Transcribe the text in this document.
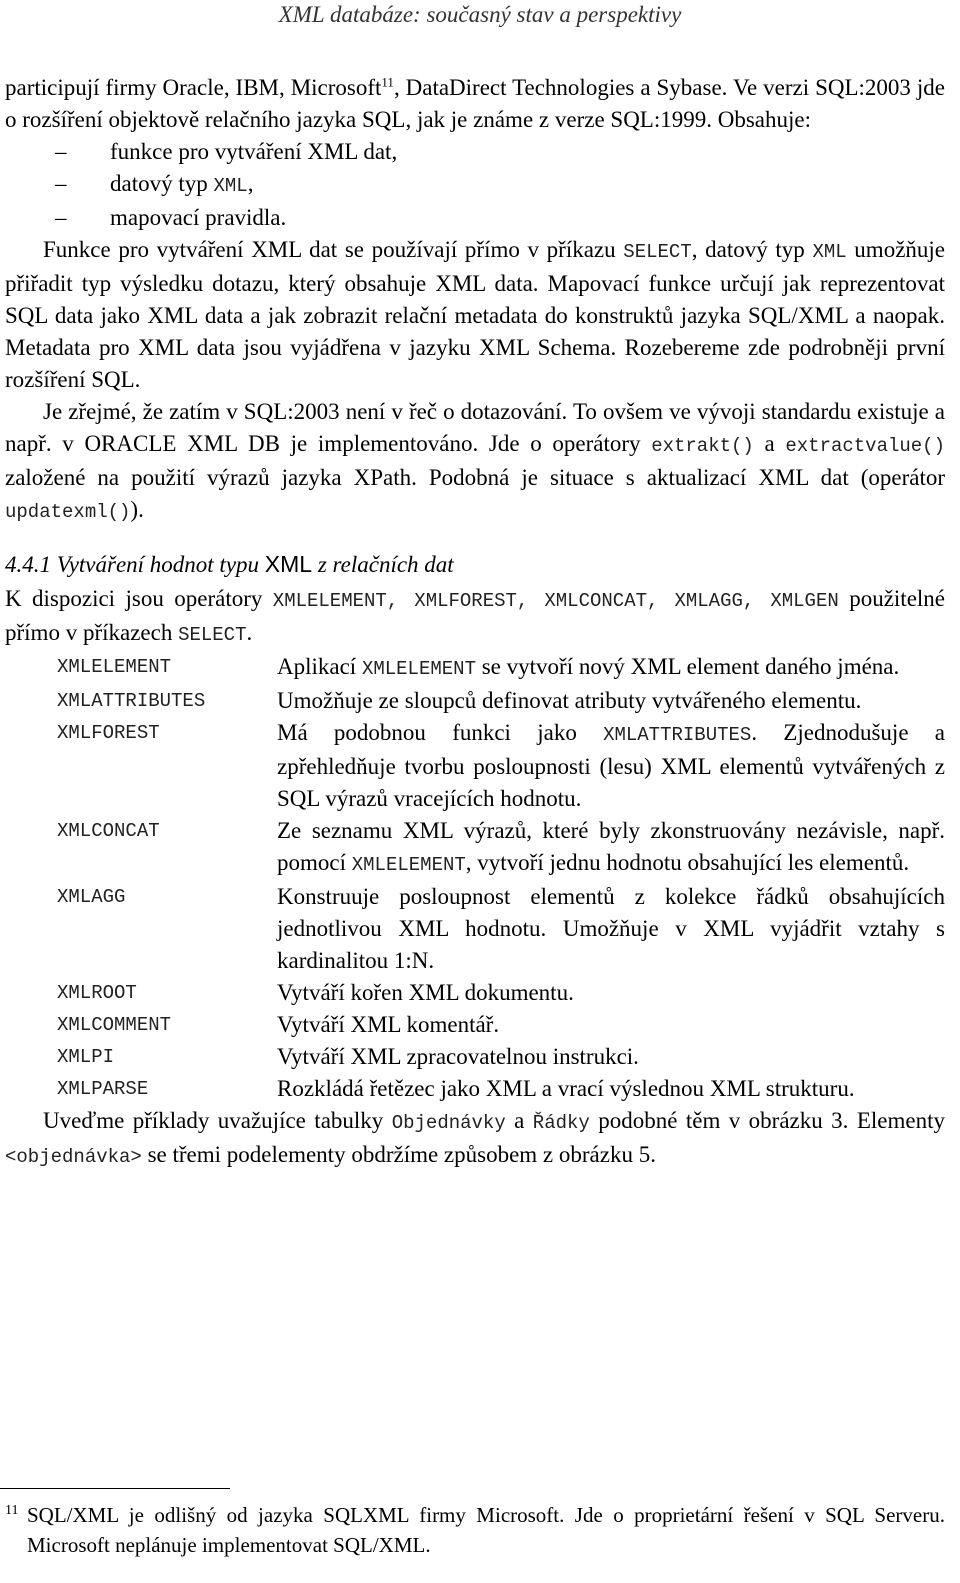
XML databáze: současný stav a perspektivy

participují firmy Oracle, IBM, Microsoft$^{11}$, DataDirect Technologies a Sybase. Ve verzi SQL:2003 jde o rozšíření objektově relačního jazyka SQL, jak je známe z verze SQL:1999. Obsahuje:

– funkce pro vytváření XML dat,
– datový typ XML,
– mapovací pravidla.

Funkce pro vytváření XML dat se používají přímo v příkazu SELECT, datový typ XML umožňuje přiřadit typ výsledku dotazu, který obsahuje XML data. Mapovací funkce určují jak reprezentovat SQL data jako XML data a jak zobrazit relační metadata do konstruktů jazyka SQL/XML a naopak. Metadata pro XML data jsou vyjádřena v jazyku XML Schema. Rozebereme zde podrobněji první rozšíření SQL.

Je zřejmé, že zatím v SQL:2003 není v řeč o dotazování. To ovšem ve vývoji standardu existuje a např. v ORACLE XML DB je implementováno. Jde o operátory extrakt() a extractvalue() založené na použití výrazů jazyka XPath. Podobná je situace s aktualizací XML dat (operátor updatexml()).

4.4.1 Vytváření hodnot typu XML z relačních dat

K dispozici jsou operátory XMLELEMENT, XMLFOREST, XMLCONCAT, XMLAGG, XMLGEN použitelné přímo v příkazech SELECT.

XMLELEMENT	Aplikací XMLELEMENT se vytvoří nový XML element daného jména.
XMLATTRIBUTES	Umožňuje ze sloupců definovat atributy vytvářeného elementu.
XMLFOREST	Má podobnou funkci jako XMLATTRIBUTES. Zjednodušuje a zpřehledňuje tvorbu posloupnosti (lesu) XML elementů vytvářených z SQL výrazů vracejících hodnotu.
XMLCONCAT	Ze seznamu XML výrazů, které byly zkonstruovány nezávisle, např. pomocí XMLELEMENT, vytvoří jednu hodnotu obsahující les elementů.
XMLAGG	Konstruuje posloupnost elementů z kolekce řádků obsahujících jednotlivou XML hodnotu. Umožňuje v XML vyjádřit vztahy s kardinalitou 1:N.
XMLROOT	Vytváří kořen XML dokumentu.
XMLCOMMENT	Vytváří XML komentář.
XMLPI	Vytváří XML zpracovatelnou instrukci.
XMLPARSE	Rozkládá řetězec jako XML a vrací výslednou XML strukturu.

Uveďme příklady uvažujíce tabulky Objednávky a Řádky podobné těm v obrázku 3. Elementy <objednávka> se třemi podelementy obdržíme způsobem z obrázku 5.

11 SQL/XML je odlišný od jazyka SQLXML firmy Microsoft. Jde o proprietární řešení v SQL Serveru. Microsoft neplánuje implementovat SQL/XML.
